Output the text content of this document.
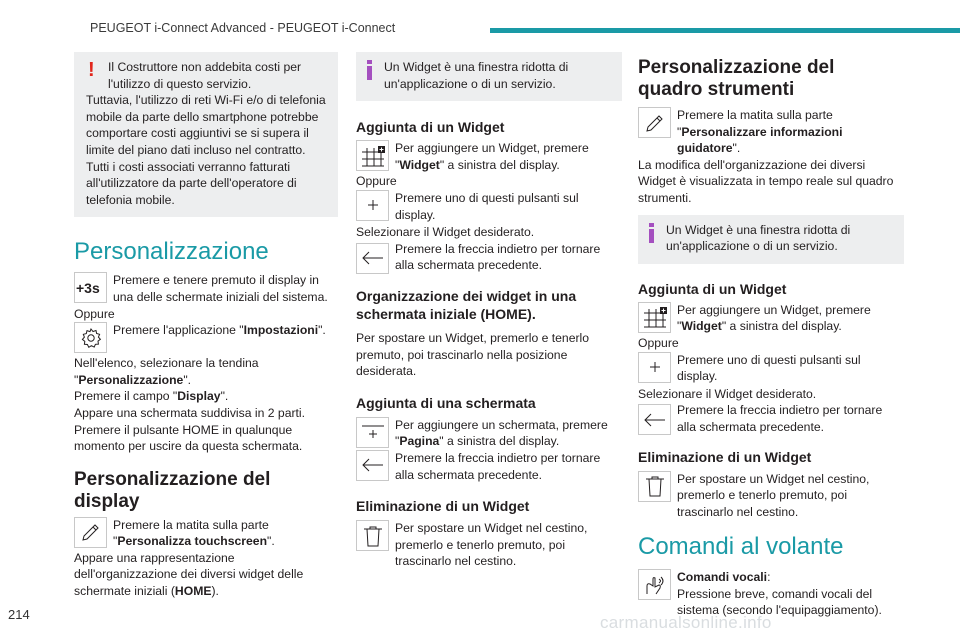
PEUGEOT i-Connect Advanced - PEUGEOT i-Connect
! Il Costruttore non addebita costi per l'utilizzo di questo servizio.

Tuttavia, l'utilizzo di reti Wi-Fi e/o di telefonia mobile da parte dello smartphone potrebbe comportare costi aggiuntivi se si supera il limite del piano dati incluso nel contratto. Tutti i costi associati verranno fatturati all'utilizzatore da parte dell'operatore di telefonia mobile.

Personalizzazione
+3s Premere e tenere premuto il display in una delle schermate iniziali del sistema.

Oppure

Premere l'applicazione "Impostazioni".

Nell'elenco, selezionare la tendina "Personalizzazione".

Premere il campo "Display".

Appare una schermata suddivisa in 2 parti.

Premere il pulsante HOME in qualunque momento per uscire da questa schermata.

Personalizzazione del display

Premere la matita sulla parte "Personalizza touchscreen".

Appare una rappresentazione dell'organizzazione dei diversi widget delle schermate iniziali (HOME).

Un Widget è una finestra ridotta di un'applicazione o di un servizio.

Aggiunta di un Widget

Per aggiungere un Widget, premere "Widget" a sinistra del display.

Oppure

Premere uno di questi pulsanti sul display.

Selezionare il Widget desiderato.

Premere la freccia indietro per tornare alla schermata precedente.

Organizzazione dei widget in una schermata iniziale (HOME).

Per spostare un Widget, premerlo e tenerlo premuto, poi trascinarlo nella posizione desiderata.

Aggiunta di una schermata

Per aggiungere un schermata, premere "Pagina" a sinistra del display.

Premere la freccia indietro per tornare alla schermata precedente.

Eliminazione di un Widget

Per spostare un Widget nel cestino, premerlo e tenerlo premuto, poi trascinarlo nel cestino.

Personalizzazione del quadro strumenti

Premere la matita sulla parte "Personalizzare informazioni guidatore".

La modifica dell'organizzazione dei diversi Widget è visualizzata in tempo reale sul quadro strumenti.

Un Widget è una finestra ridotta di un'applicazione o di un servizio.

Aggiunta di un Widget

Per aggiungere un Widget, premere "Widget" a sinistra del display.

Oppure

Premere uno di questi pulsanti sul display.

Selezionare il Widget desiderato.

Premere la freccia indietro per tornare alla schermata precedente.

Eliminazione di un Widget

Per spostare un Widget nel cestino, premerlo e tenerlo premuto, poi trascinarlo nel cestino.

Comandi al volante

Comandi vocali:
Pressione breve, comandi vocali del sistema (secondo l'equipaggiamento).

214	carmanualsonline.info
